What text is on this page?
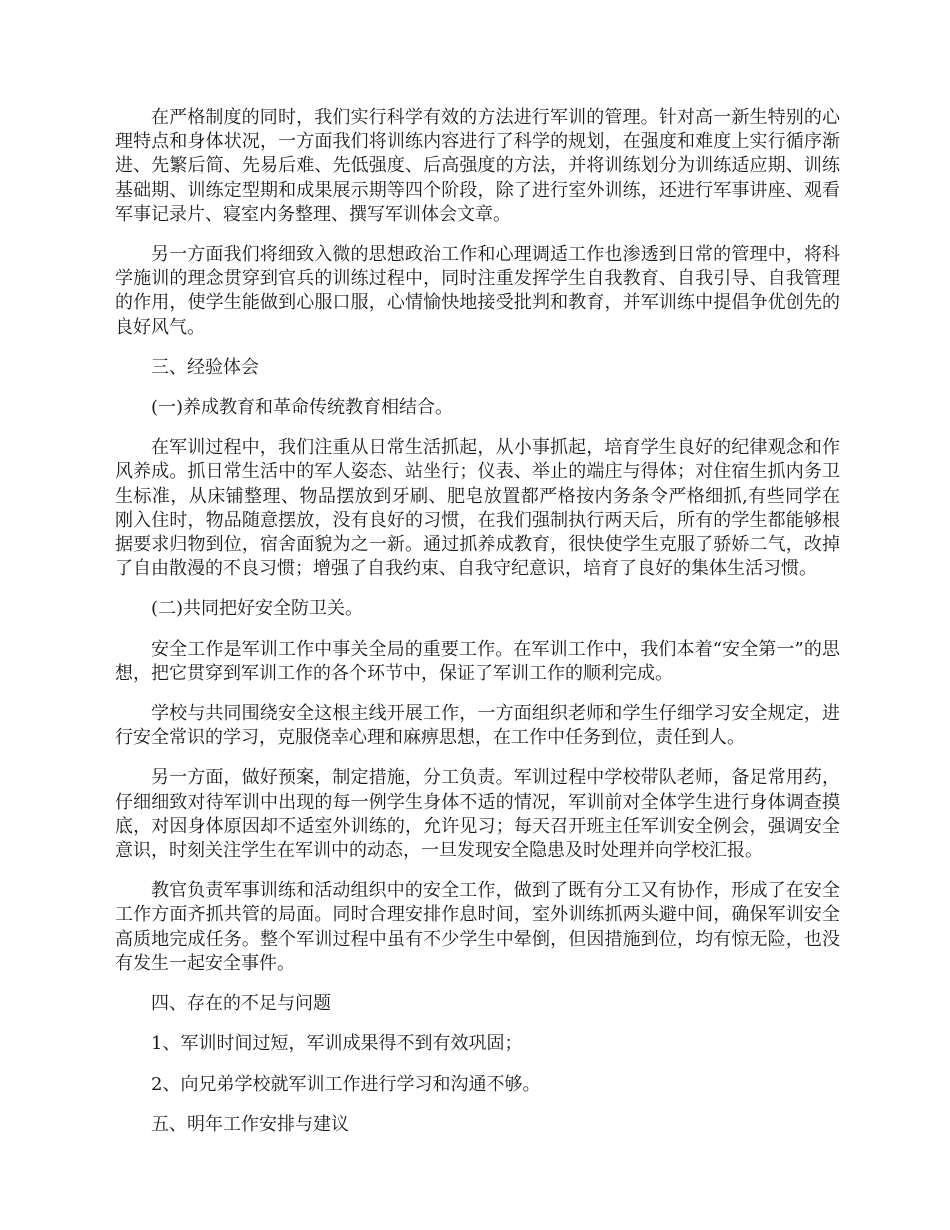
在严格制度的同时，我们实行科学有效的方法进行军训的管理。针对高一新生特别的心理特点和身体状况，一方面我们将训练内容进行了科学的规划，在强度和难度上实行循序渐进、先繁后简、先易后难、先低强度、后高强度的方法，并将训练划分为训练适应期、训练基础期、训练定型期和成果展示期等四个阶段，除了进行室外训练，还进行军事讲座、观看军事记录片、寝室内务整理、撰写军训体会文章。

另一方面我们将细致入微的思想政治工作和心理调适工作也渗透到日常的管理中，将科学施训的理念贯穿到官兵的训练过程中，同时注重发挥学生自我教育、自我引导、自我管理的作用，使学生能做到心服口服，心情愉快地接受批判和教育，并军训练中提倡争优创先的良好风气。

三、经验体会

(一)养成教育和革命传统教育相结合。

在军训过程中，我们注重从日常生活抓起，从小事抓起，培育学生良好的纪律观念和作风养成。抓日常生活中的军人姿态、站坐行；仪表、举止的端庄与得体；对住宿生抓内务卫生标准，从床铺整理、物品摆放到牙刷、肥皂放置都严格按内务条令严格细抓,有些同学在刚入住时，物品随意摆放，没有良好的习惯，在我们强制执行两天后，所有的学生都能够根据要求归物到位，宿舍面貌为之一新。通过抓养成教育，很快使学生克服了骄娇二气，改掉了自由散漫的不良习惯；增强了自我约束、自我守纪意识，培育了良好的集体生活习惯。

(二)共同把好安全防卫关。

安全工作是军训工作中事关全局的重要工作。在军训工作中，我们本着“安全第一”的思想，把它贯穿到军训工作的各个环节中，保证了军训工作的顺利完成。

学校与共同围绕安全这根主线开展工作，一方面组织老师和学生仔细学习安全规定，进行安全常识的学习，克服侥幸心理和麻痹思想，在工作中任务到位，责任到人。

另一方面，做好预案，制定措施，分工负责。军训过程中学校带队老师，备足常用药，仔细细致对待军训中出现的每一例学生身体不适的情况，军训前对全体学生进行身体调查摸底，对因身体原因却不适室外训练的，允许见习；每天召开班主任军训安全例会，强调安全意识，时刻关注学生在军训中的动态，一旦发现安全隐患及时处理并向学校汇报。

教官负责军事训练和活动组织中的安全工作，做到了既有分工又有协作，形成了在安全工作方面齐抓共管的局面。同时合理安排作息时间，室外训练抓两头避中间，确保军训安全高质地完成任务。整个军训过程中虽有不少学生中晕倒，但因措施到位，均有惊无险，也没有发生一起安全事件。

四、存在的不足与问题

1、军训时间过短，军训成果得不到有效巩固；

2、向兄弟学校就军训工作进行学习和沟通不够。

五、明年工作安排与建议
